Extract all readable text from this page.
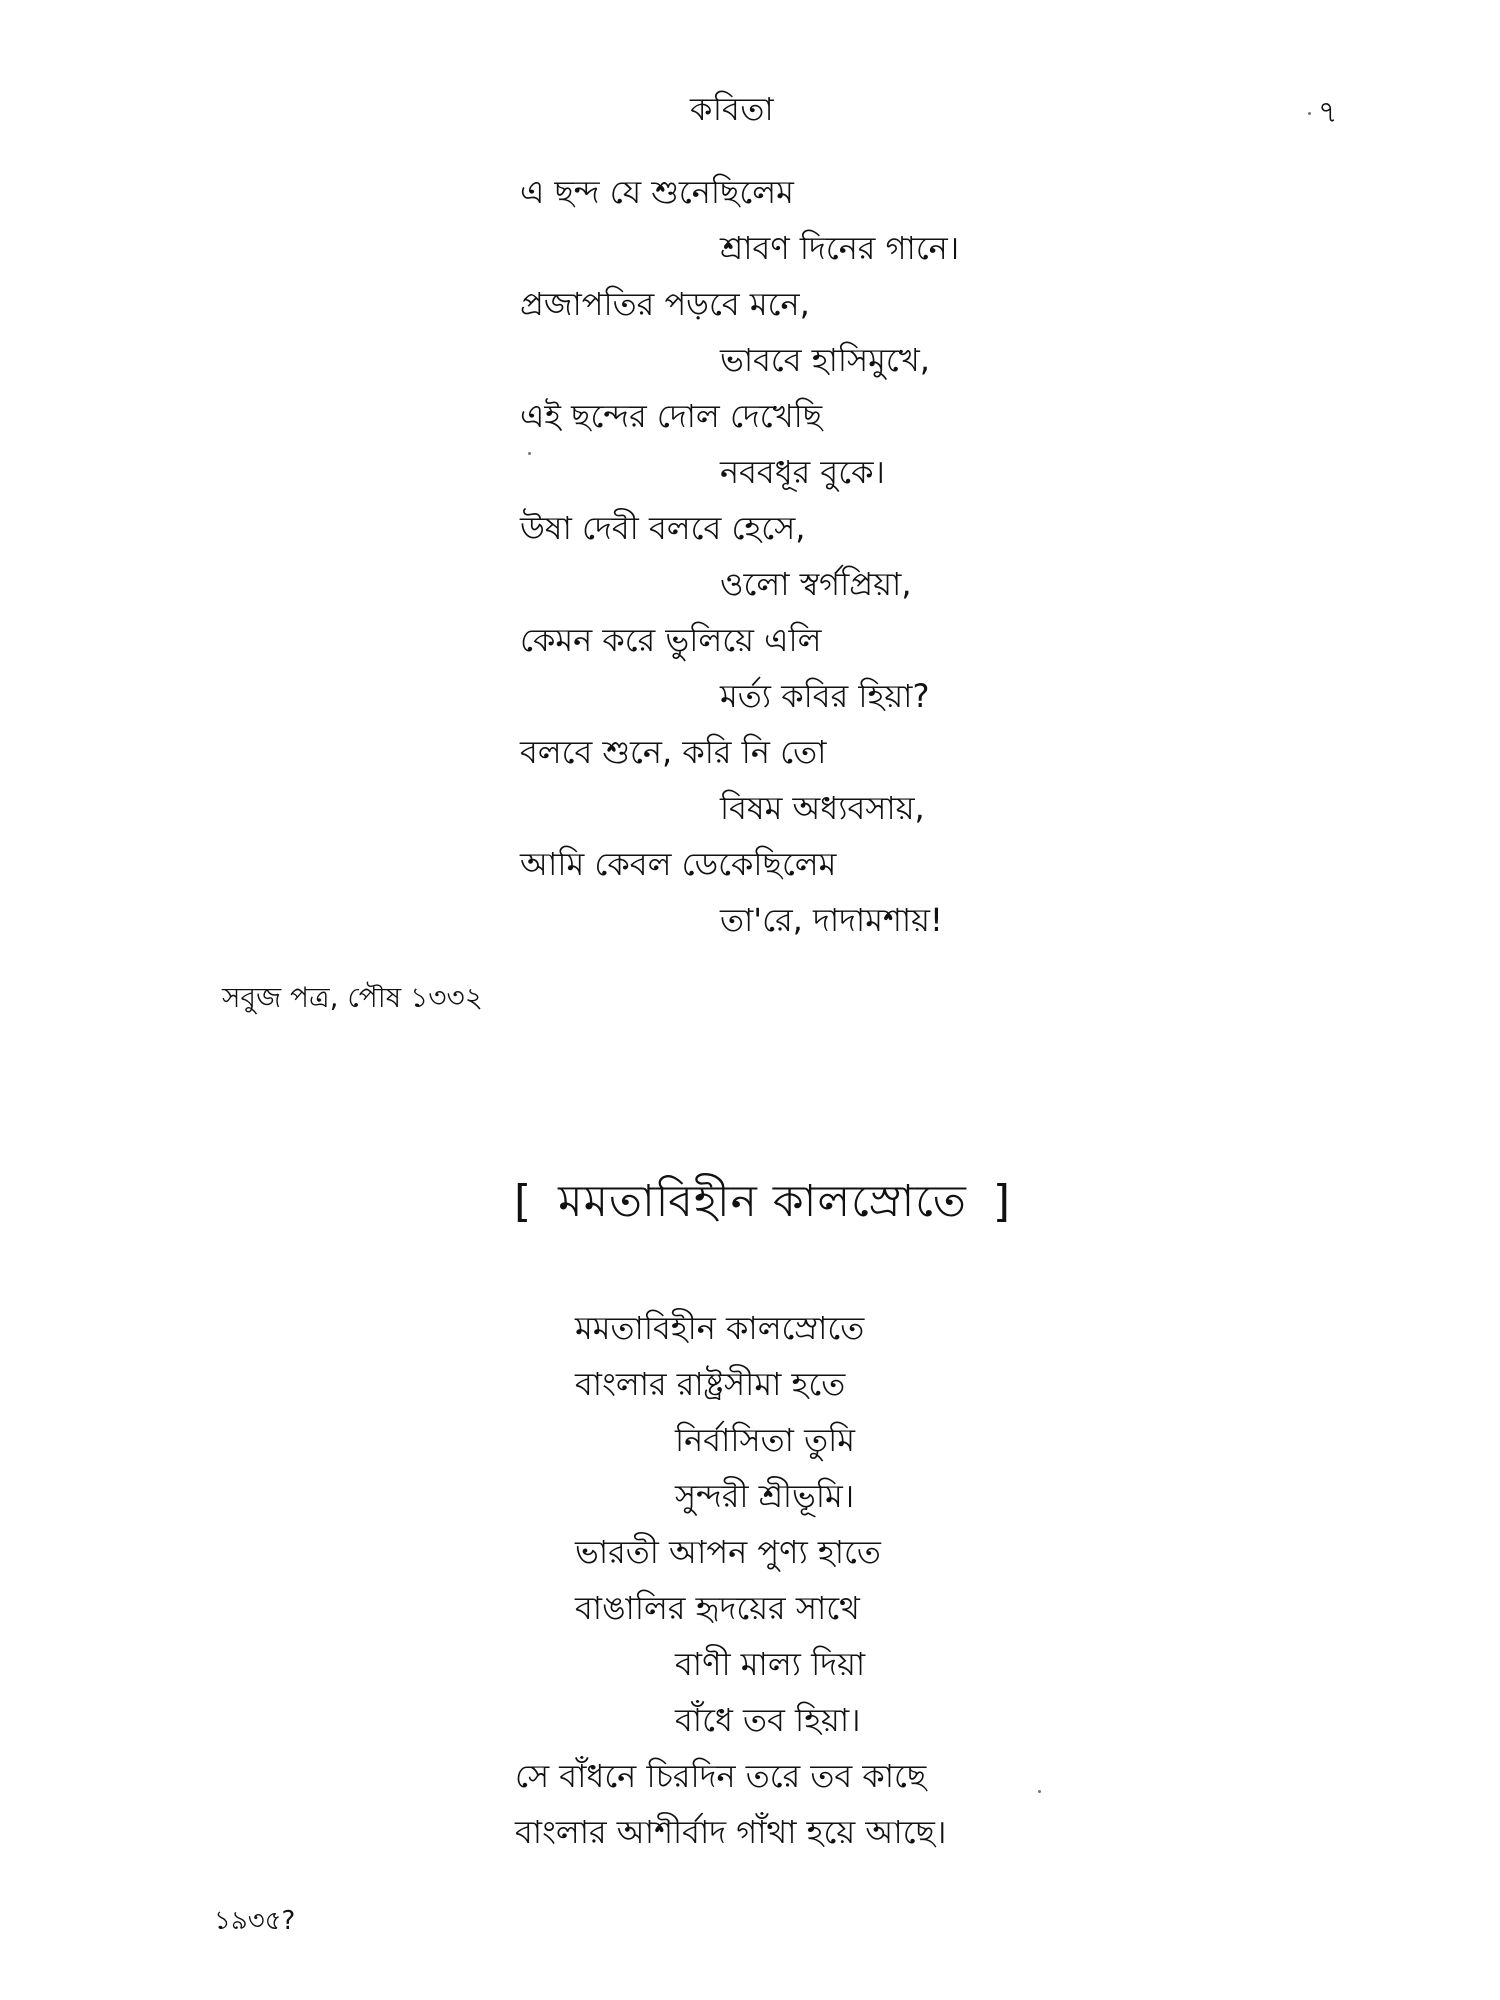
কবিতা	৭
এ ছন্দ যে শুনেছিলেম
শ্রাবণ দিনের গানে।
প্রজাপতির পড়বে মনে,
ভাববে হাসিমুখে,
এই ছন্দের দোল দেখেছি
নববধূর বুকে।
উষা দেবী বলবে হেসে,
ওলো স্বর্গপ্রিয়া,
কেমন করে ভুলিয়ে এলি
মর্ত্য কবির হিয়া?
বলবে শুনে, করি নি তো
বিষম অধ্যবসায়,
আমি কেবল ডেকেছিলেম
তা'রে, দাদামশায়!
সবুজ পত্র, পৌষ ১৩৩২
[ মমতাবিহীন কালস্রোতে ]
মমতাবিহীন কালস্রোতে
বাংলার রাষ্ট্রসীমা হতে
নির্বাসিতা তুমি
সুন্দরী শ্রীভূমি।
ভারতী আপন পুণ্য হাতে
বাঙালির হৃদয়ের সাথে
বাণী মাল্য দিয়া
বাঁধে তব হিয়া।
সে বাঁধনে চিরদিন তরে তব কাছে
বাংলার আশীর্বাদ গাঁথা হয়ে আছে।
১৯৩৫?
